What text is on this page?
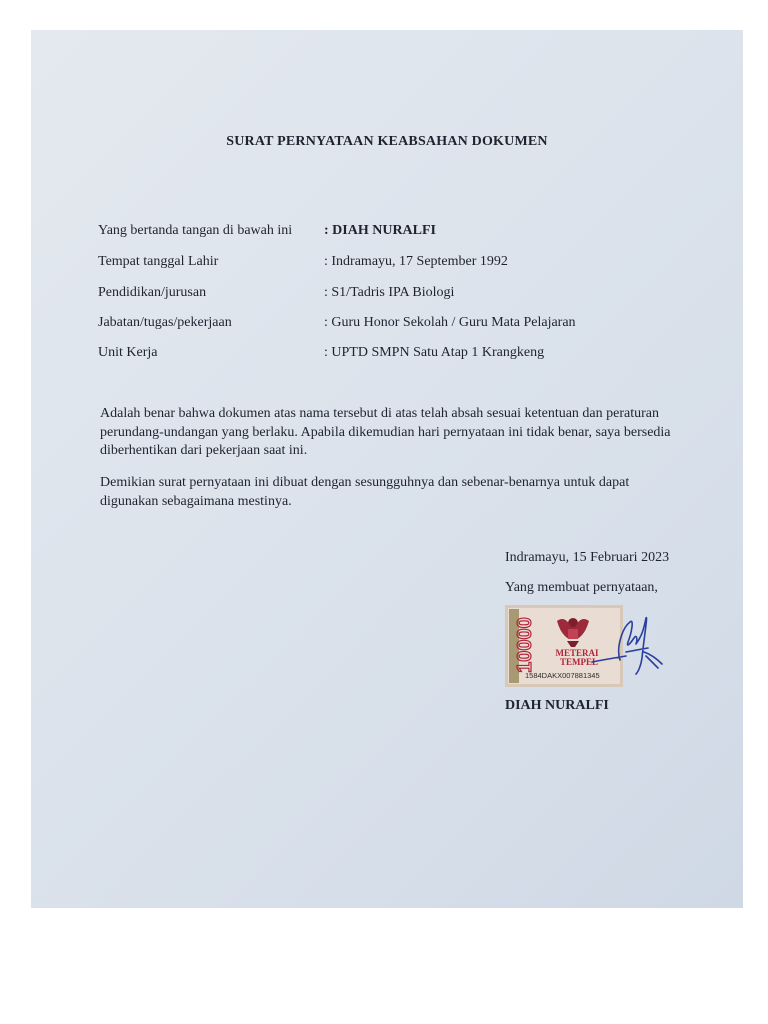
SURAT PERNYATAAN KEABSAHAN DOKUMEN
Yang bertanda tangan di bawah ini : DIAH NURALFI
Tempat tanggal Lahir	: Indramayu, 17 September 1992
Pendidikan/jurusan	: S1/Tadris IPA Biologi
Jabatan/tugas/pekerjaan	: Guru Honor Sekolah / Guru Mata Pelajaran
Unit Kerja	: UPTD SMPN Satu Atap 1 Krangkeng

Adalah benar bahwa dokumen atas nama tersebut di atas telah absah sesuai ketentuan dan peraturan perundang-undangan yang berlaku. Apabila dikemudian hari pernyataan ini tidak benar, saya bersedia diberhentikan dari pekerjaan saat ini.

Demikian surat pernyataan ini dibuat dengan sesungguhnya dan sebenar-benarnya untuk dapat digunakan sebagaimana mestinya.

Indramayu, 15 Februari 2023
Yang membuat pernyataan,
DIAH NURALFI
10000 METERAI
TEMPEL
1584DAKX007881345
